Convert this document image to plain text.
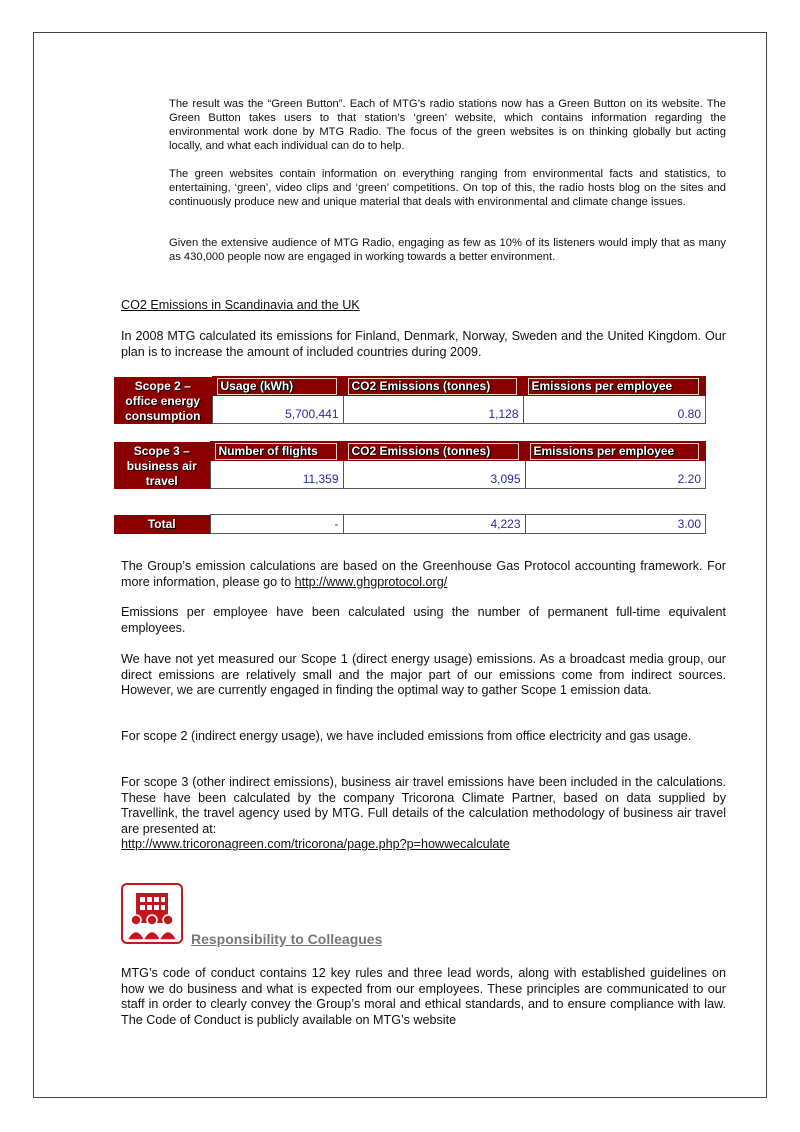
The result was the “Green Button”. Each of MTG’s radio stations now has a Green Button on its website. The Green Button takes users to that station’s ‘green’ website, which contains information regarding the environmental work done by MTG Radio. The focus of the green websites is on thinking globally but acting locally, and what each individual can do to help.

The green websites contain information on everything ranging from environmental facts and statistics, to entertaining, ‘green’, video clips and ‘green’ competitions. On top of this, the radio hosts blog on the sites and continuously produce new and unique material that deals with environmental and climate change issues.

Given the extensive audience of MTG Radio, engaging as few as 10% of its listeners would imply that as many as 430,000 people now are engaged in working towards a better environment.

CO2 Emissions in Scandinavia and the UK

In 2008 MTG calculated its emissions for Finland, Denmark, Norway, Sweden and the United Kingdom. Our plan is to increase the amount of included countries during 2009.

Scope 2 – office energy consumption	Usage (kWh)	CO2 Emissions (tonnes)	Emissions per employee
	5,700,441	1,128	0.80
Scope 3 – business air travel	Number of flights	CO2 Emissions (tonnes)	Emissions per employee
	11,359	3,095	2.20
Total	-	4,223	3.00

The Group’s emission calculations are based on the Greenhouse Gas Protocol accounting framework. For more information, please go to http://www.ghgprotocol.org/

Emissions per employee have been calculated using the number of permanent full-time equivalent employees.

We have not yet measured our Scope 1 (direct energy usage) emissions. As a broadcast media group, our direct emissions are relatively small and the major part of our emissions come from indirect sources. However, we are currently engaged in finding the optimal way to gather Scope 1 emission data.

For scope 2 (indirect energy usage), we have included emissions from office electricity and gas usage.

For scope 3 (other indirect emissions), business air travel emissions have been included in the calculations. These have been calculated by the company Tricorona Climate Partner, based on data supplied by Travellink, the travel agency used by MTG. Full details of the calculation methodology of business air travel are presented at:
http://www.tricoronagreen.com/tricorona/page.php?p=howwecalculate

Responsibility to Colleagues

MTG’s code of conduct contains 12 key rules and three lead words, along with established guidelines on how we do business and what is expected from our employees. These principles are communicated to our staff in order to clearly convey the Group’s moral and ethical standards, and to ensure compliance with law. The Code of Conduct is publicly available on MTG’s website
